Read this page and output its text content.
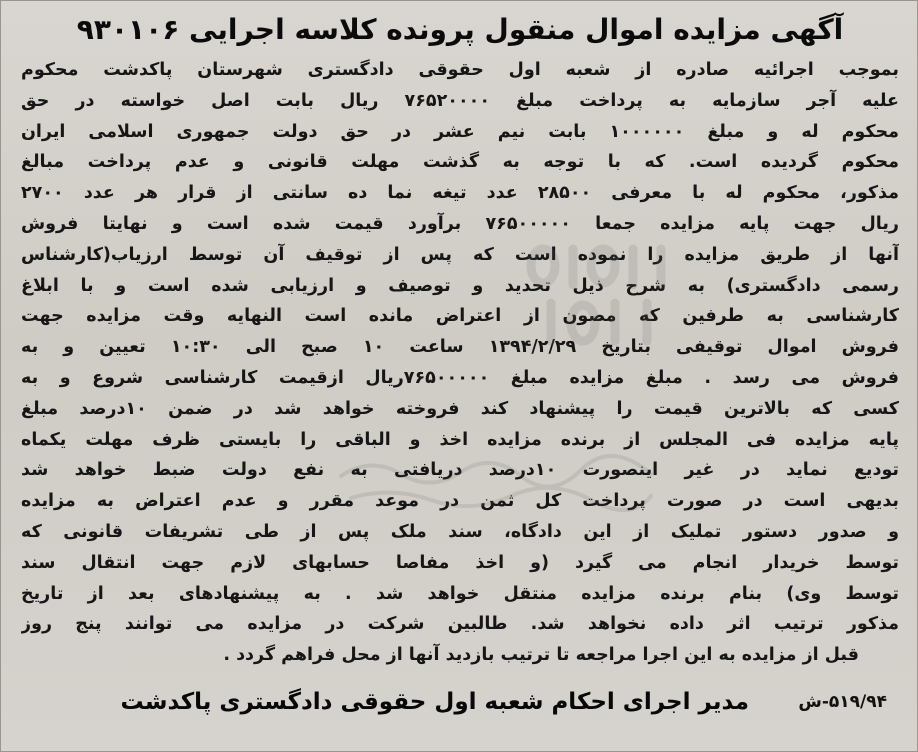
آگهی مزایده اموال منقول پرونده کلاسه اجرایی ۹۳۰۱۰۶
بموجب اجرائیه صادره از شعبه اول حقوقی دادگستری شهرستان پاکدشت محکوم
علیه آجر سازمایه به پرداخت مبلغ ۷۶۵۲۰۰۰۰ ریال بابت اصل خواسته در حق
محکوم له و مبلغ ۱۰۰۰۰۰۰ بابت نیم عشر در حق دولت جمهوری اسلامی ایران
محکوم گردیده است. که با توجه به گذشت مهلت قانونی و عدم پرداخت مبالغ
مذکور، محکوم له با معرفی ۲۸۵۰۰ عدد تیغه نما ده سانتی از قرار هر عدد ۲۷۰۰
ریال جهت پایه مزایده جمعا ۷۶۵۰۰۰۰۰ برآورد قیمت شده است و نهایتا فروش
آنها از طریق مزایده را نموده است که پس از توقیف آن توسط ارزیاب(کارشناس
رسمی دادگستری) به شرح ذیل تحدید و توصیف و ارزیابی شده است و با ابلاغ
کارشناسی به طرفین که مصون از اعتراض مانده است النهایه وقت مزایده جهت
فروش اموال توقیفی بتاریخ ۱۳۹۴/۲/۲۹ ساعت ۱۰ صبح الی ۱۰:۳۰ تعیین و به
فروش می رسد . مبلغ مزایده مبلغ ۷۶۵۰۰۰۰۰ریال ازقیمت کارشناسی شروع و به
کسی که بالاترین قیمت را پیشنهاد کند فروخته خواهد شد در ضمن ۱۰درصد مبلغ
پایه مزایده فی المجلس از برنده مزایده اخذ و الباقی را بایستی ظرف مهلت یکماه
تودیع نماید در غیر اینصورت ۱۰درصد دریافتی به نفع دولت ضبط خواهد شد
بدیهی است در صورت پرداخت کل ثمن در موعد مقرر و عدم اعتراض به مزایده
و صدور دستور تملیک از این دادگاه، سند ملک پس از طی تشریفات قانونی که
توسط خریدار انجام می گیرد (و اخذ مفاصا حسابهای لازم جهت انتقال سند
توسط وی) بنام برنده مزایده منتقل خواهد شد . به پیشنهادهای بعد از تاریخ
مذکور ترتیب اثر داده نخواهد شد. طالبین شرکت در مزایده می توانند پنج روز
قبل از مزایده به این اجرا مراجعه تا ترتیب بازدید آنها از محل فراهم گردد .
مدیر اجرای احکام شعبه اول حقوقی دادگستری پاکدشت	۵۱۹/۹۴-ش
